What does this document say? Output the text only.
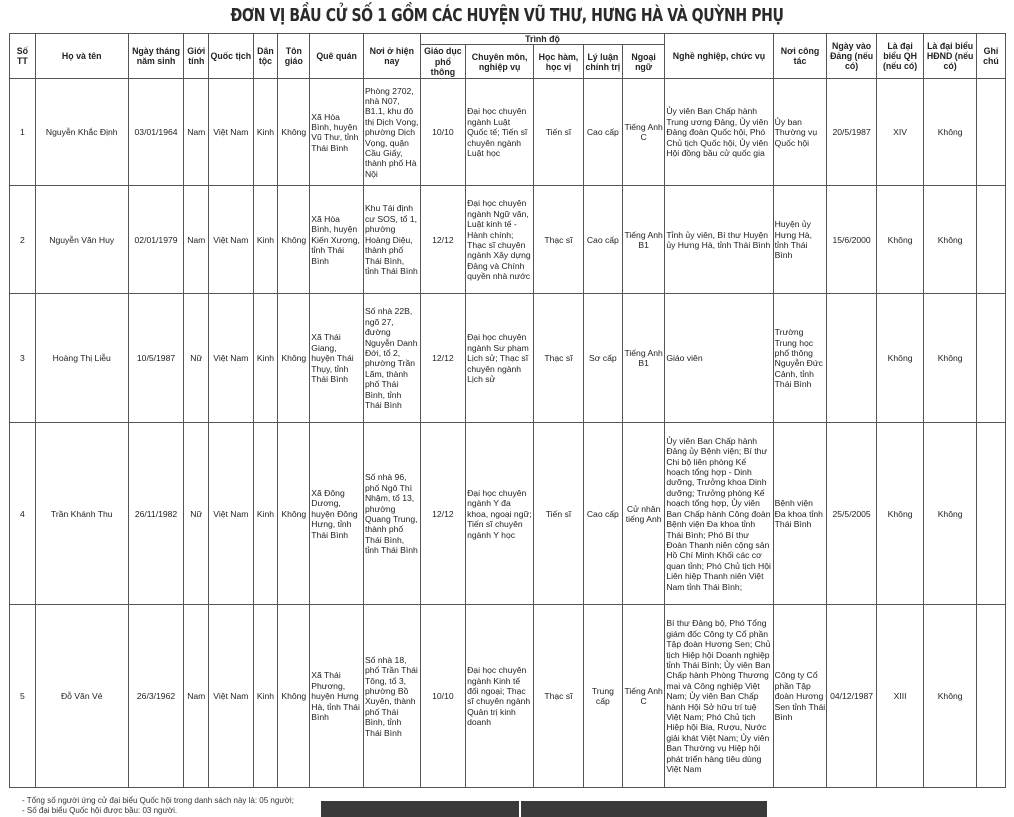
ĐƠN VỊ BẦU CỬ SỐ 1 GỒM CÁC HUYỆN VŨ THƯ, HƯNG HÀ VÀ QUỲNH PHỤ
Số TT	Họ và tên	Ngày tháng năm sinh	Giới tính	Quốc tịch	Dân tộc	Tôn giáo	Quê quán	Nơi ở hiện nay	Trình độ					Nghề nghiệp, chức vụ	Nơi công tác	Ngày vào Đảng (nếu có)	Là đại biểu QH (nếu có)	Là đại biểu HĐND (nếu có)	Ghi chú
									Giáo dục phổ thông	Chuyên môn, nghiệp vụ	Học hàm, học vị	Lý luận chính trị	Ngoại ngữ						
1	Nguyễn Khắc Định	03/01/1964	Nam	Việt Nam	Kinh	Không	Xã Hòa Bình, huyện Vũ Thư, tỉnh Thái Bình	Phòng 2702, nhà N07, B1.1, khu đô thị Dịch Vọng, phường Dịch Vọng, quận Cầu Giấy, thành phố Hà Nội	10/10	Đại học chuyên ngành Luật Quốc tế; Tiến sĩ chuyên ngành Luật học	Tiến sĩ	Cao cấp	Tiếng Anh C	Ủy viên Ban Chấp hành Trung ương Đảng, Ủy viên Đảng đoàn Quốc hội, Phó Chủ tịch Quốc hội, Ủy viên Hội đồng bầu cử quốc gia	Ủy ban Thường vụ Quốc hội	20/5/1987	XIV	Không	
2	Nguyễn Văn Huy	02/01/1979	Nam	Việt Nam	Kinh	Không	Xã Hòa Bình, huyện Kiến Xương, tỉnh Thái Bình	Khu Tái định cư SOS, tổ 1, phường Hoàng Diệu, thành phố Thái Bình, tỉnh Thái Bình	12/12	Đại học chuyên ngành Ngữ văn, Luật kinh tế - Hành chính; Thạc sĩ chuyên ngành Xây dựng Đảng và Chính quyền nhà nước	Thạc sĩ	Cao cấp	Tiếng Anh B1	Tỉnh ủy viên, Bí thư Huyện ủy Hưng Hà, tỉnh Thái Bình	Huyện ủy Hưng Hà, tỉnh Thái Bình	15/6/2000	Không	Không	
3	Hoàng Thị Liễu	10/5/1987	Nữ	Việt Nam	Kinh	Không	Xã Thái Giang, huyện Thái Thụy, tỉnh Thái Bình	Số nhà 22B, ngõ 27, đường Nguyễn Danh Đới, tổ 2, phường Trần Lãm, thành phố Thái Bình, tỉnh Thái Bình	12/12	Đại học chuyên ngành Sư phạm Lịch sử; Thạc sĩ chuyên ngành Lịch sử	Thạc sĩ	Sơ cấp	Tiếng Anh B1	Giáo viên	Trường Trung học phổ thông Nguyễn Đức Cảnh, tỉnh Thái Bình		Không	Không	
4	Trần Khánh Thu	26/11/1982	Nữ	Việt Nam	Kinh	Không	Xã Đông Dương, huyện Đông Hưng, tỉnh Thái Bình	Số nhà 96, phố Ngô Thì Nhậm, tổ 13, phường Quang Trung, thành phố Thái Bình, tỉnh Thái Bình	12/12	Đại học chuyên ngành Y đa khoa, ngoại ngữ; Tiến sĩ chuyên ngành Y học	Tiến sĩ	Cao cấp	Cử nhân tiếng Anh	Ủy viên Ban Chấp hành Đảng ủy Bệnh viện; Bí thư Chi bộ liên phòng Kế hoạch tổng hợp - Dinh dưỡng, Trưởng khoa Dinh dưỡng; Trưởng phòng Kế hoạch tổng hợp, Ủy viên Ban Chấp hành Công đoàn Bệnh viện Đa khoa tỉnh Thái Bình; Phó Bí thư Đoàn Thanh niên cộng sản Hồ Chí Minh Khối các cơ quan tỉnh; Phó Chủ tịch Hội Liên hiệp Thanh niên Việt Nam tỉnh Thái Bình;	Bệnh viện Đa khoa tỉnh Thái Bình	25/5/2005	Không	Không	
5	Đỗ Văn Vẻ	26/3/1962	Nam	Việt Nam	Kinh	Không	Xã Thái Phương, huyện Hưng Hà, tỉnh Thái Bình	Số nhà 18, phố Trần Thái Tông, tổ 3, phường Bồ Xuyên, thành phố Thái Bình, tỉnh Thái Bình	10/10	Đại học chuyên ngành Kinh tế đối ngoại; Thạc sĩ chuyên ngành Quản trị kinh doanh	Thạc sĩ	Trung cấp	Tiếng Anh C	Bí thư Đảng bộ, Phó Tổng giám đốc Công ty Cổ phần Tập đoàn Hương Sen; Chủ tịch Hiệp hội Doanh nghiệp tỉnh Thái Bình; Ủy viên Ban Chấp hành Phòng Thương mại và Công nghiệp Việt Nam; Ủy viên Ban Chấp hành Hội Sở hữu trí tuệ Việt Nam; Phó Chủ tịch Hiệp hội Bia, Rượu, Nước giải khát Việt Nam; Ủy viên Ban Thường vụ Hiệp hội phát triển hàng tiêu dùng Việt Nam	Công ty Cổ phần Tập đoàn Hương Sen tỉnh Thái Bình	04/12/1987	XIII	Không	
- Tổng số người ứng cử đại biểu Quốc hội trong danh sách này là: 05 người;
- Số đại biểu Quốc hội được bầu: 03 người.
